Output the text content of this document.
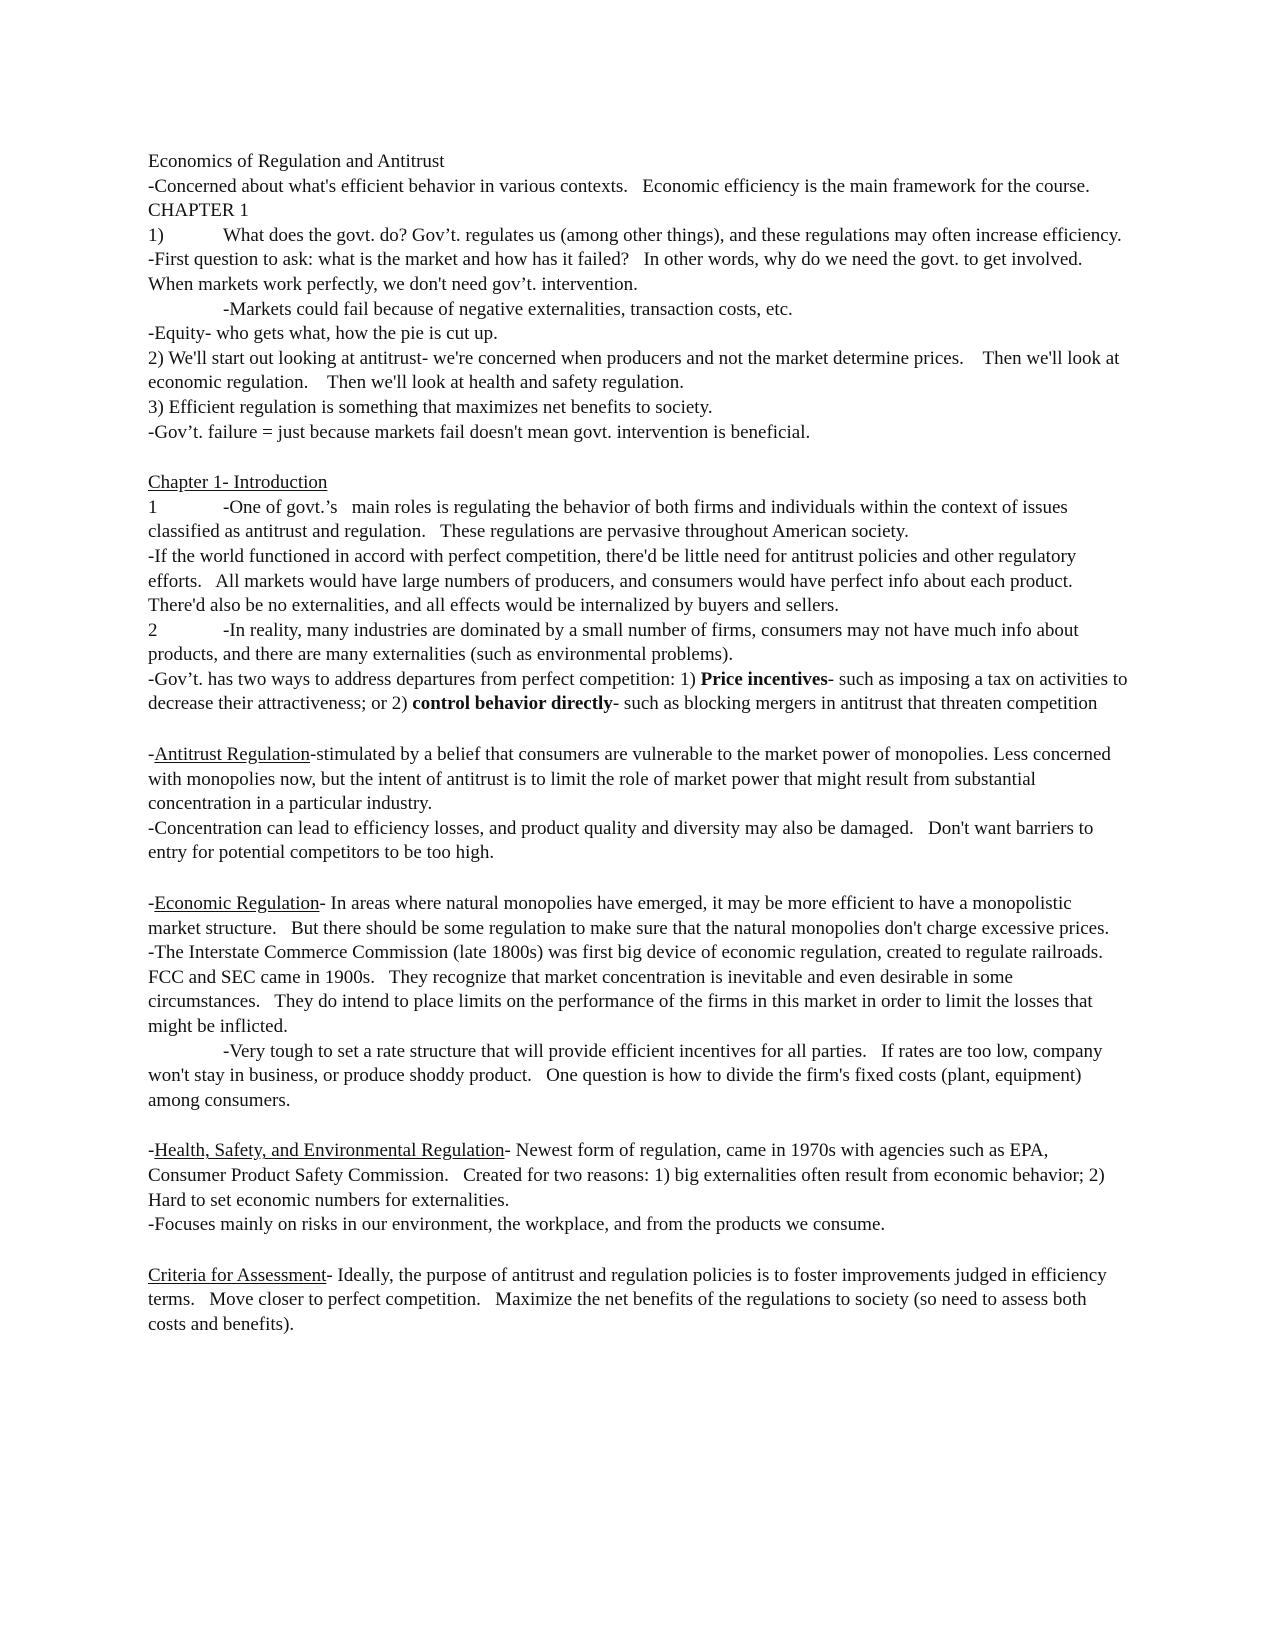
Economics of Regulation and Antitrust
-Concerned about what's efficient behavior in various contexts.   Economic efficiency is the main framework for the course.
CHAPTER 1
1)	What does the govt. do? Gov’t. regulates us (among other things), and these regulations may often increase efficiency.
-First question to ask: what is the market and how has it failed?   In other words, why do we need the govt. to get involved. When markets work perfectly, we don't need gov’t. intervention.
-Markets could fail because of negative externalities, transaction costs, etc.
-Equity- who gets what, how the pie is cut up.
2) We'll start out looking at antitrust- we're concerned when producers and not the market determine prices.    Then we'll look at economic regulation.    Then we'll look at health and safety regulation.
3) Efficient regulation is something that maximizes net benefits to society.
-Gov’t. failure = just because markets fail doesn't mean govt. intervention is beneficial.
Chapter 1- Introduction
1	-One of govt.’s   main roles is regulating the behavior of both firms and individuals within the context of issues classified as antitrust and regulation.   These regulations are pervasive throughout American society.
-If the world functioned in accord with perfect competition, there'd be little need for antitrust policies and other regulatory efforts.   All markets would have large numbers of producers, and consumers would have perfect info about each product.   There'd also be no externalities, and all effects would be internalized by buyers and sellers.
2	-In reality, many industries are dominated by a small number of firms, consumers may not have much info about products, and there are many externalities (such as environmental problems).
-Gov’t. has two ways to address departures from perfect competition: 1) Price incentives- such as imposing a tax on activities to decrease their attractiveness; or 2) control behavior directly- such as blocking mergers in antitrust that threaten competition
-Antitrust Regulation-stimulated by a belief that consumers are vulnerable to the market power of monopolies. Less concerned with monopolies now, but the intent of antitrust is to limit the role of market power that might result from substantial concentration in a particular industry.
-Concentration can lead to efficiency losses, and product quality and diversity may also be damaged.   Don't want barriers to entry for potential competitors to be too high.
-Economic Regulation- In areas where natural monopolies have emerged, it may be more efficient to have a monopolistic market structure.   But there should be some regulation to make sure that the natural monopolies don't charge excessive prices.
-The Interstate Commerce Commission (late 1800s) was first big device of economic regulation, created to regulate railroads.   FCC and SEC came in 1900s.   They recognize that market concentration is inevitable and even desirable in some circumstances.   They do intend to place limits on the performance of the firms in this market in order to limit the losses that might be inflicted.
-Very tough to set a rate structure that will provide efficient incentives for all parties.   If rates are too low, company won't stay in business, or produce shoddy product.   One question is how to divide the firm's fixed costs (plant, equipment) among consumers.
-Health, Safety, and Environmental Regulation- Newest form of regulation, came in 1970s with agencies such as EPA, Consumer Product Safety Commission.   Created for two reasons: 1) big externalities often result from economic behavior; 2) Hard to set economic numbers for externalities.
-Focuses mainly on risks in our environment, the workplace, and from the products we consume.
Criteria for Assessment- Ideally, the purpose of antitrust and regulation policies is to foster improvements judged in efficiency terms.   Move closer to perfect competition.   Maximize the net benefits of the regulations to society (so need to assess both costs and benefits).
